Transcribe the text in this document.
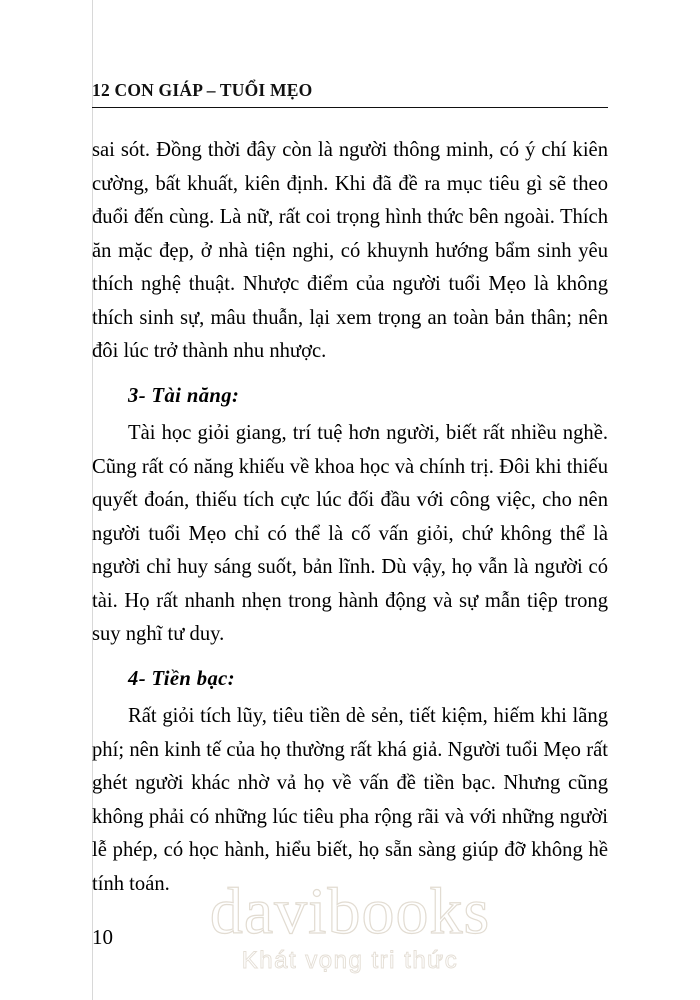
12 CON GIÁP – TUỔI MẸO

sai sót. Đồng thời đây còn là người thông minh, có ý chí kiên cường, bất khuất, kiên định. Khi đã đề ra mục tiêu gì sẽ theo đuổi đến cùng. Là nữ, rất coi trọng hình thức bên ngoài. Thích ăn mặc đẹp, ở nhà tiện nghi, có khuynh hướng bẩm sinh yêu thích nghệ thuật. Nhược điểm của người tuổi Mẹo là không thích sinh sự, mâu thuẫn, lại xem trọng an toàn bản thân; nên đôi lúc trở thành nhu nhược.

3- Tài năng:

Tài học giỏi giang, trí tuệ hơn người, biết rất nhiều nghề. Cũng rất có năng khiếu về khoa học và chính trị. Đôi khi thiếu quyết đoán, thiếu tích cực lúc đối đầu với công việc, cho nên người tuổi Mẹo chỉ có thể là cố vấn giỏi, chứ không thể là người chỉ huy sáng suốt, bản lĩnh. Dù vậy, họ vẫn là người có tài. Họ rất nhanh nhẹn trong hành động và sự mẫn tiệp trong suy nghĩ tư duy.

4- Tiền bạc:

Rất giỏi tích lũy, tiêu tiền dè sẻn, tiết kiệm, hiếm khi lãng phí; nên kinh tế của họ thường rất khá giả. Người tuổi Mẹo rất ghét người khác nhờ vả họ về vấn đề tiền bạc. Nhưng cũng không phải có những lúc tiêu pha rộng rãi và với những người lễ phép, có học hành, hiểu biết, họ sẵn sàng giúp đỡ không hề tính toán.

10	davibooks
Khát vọng tri thức
